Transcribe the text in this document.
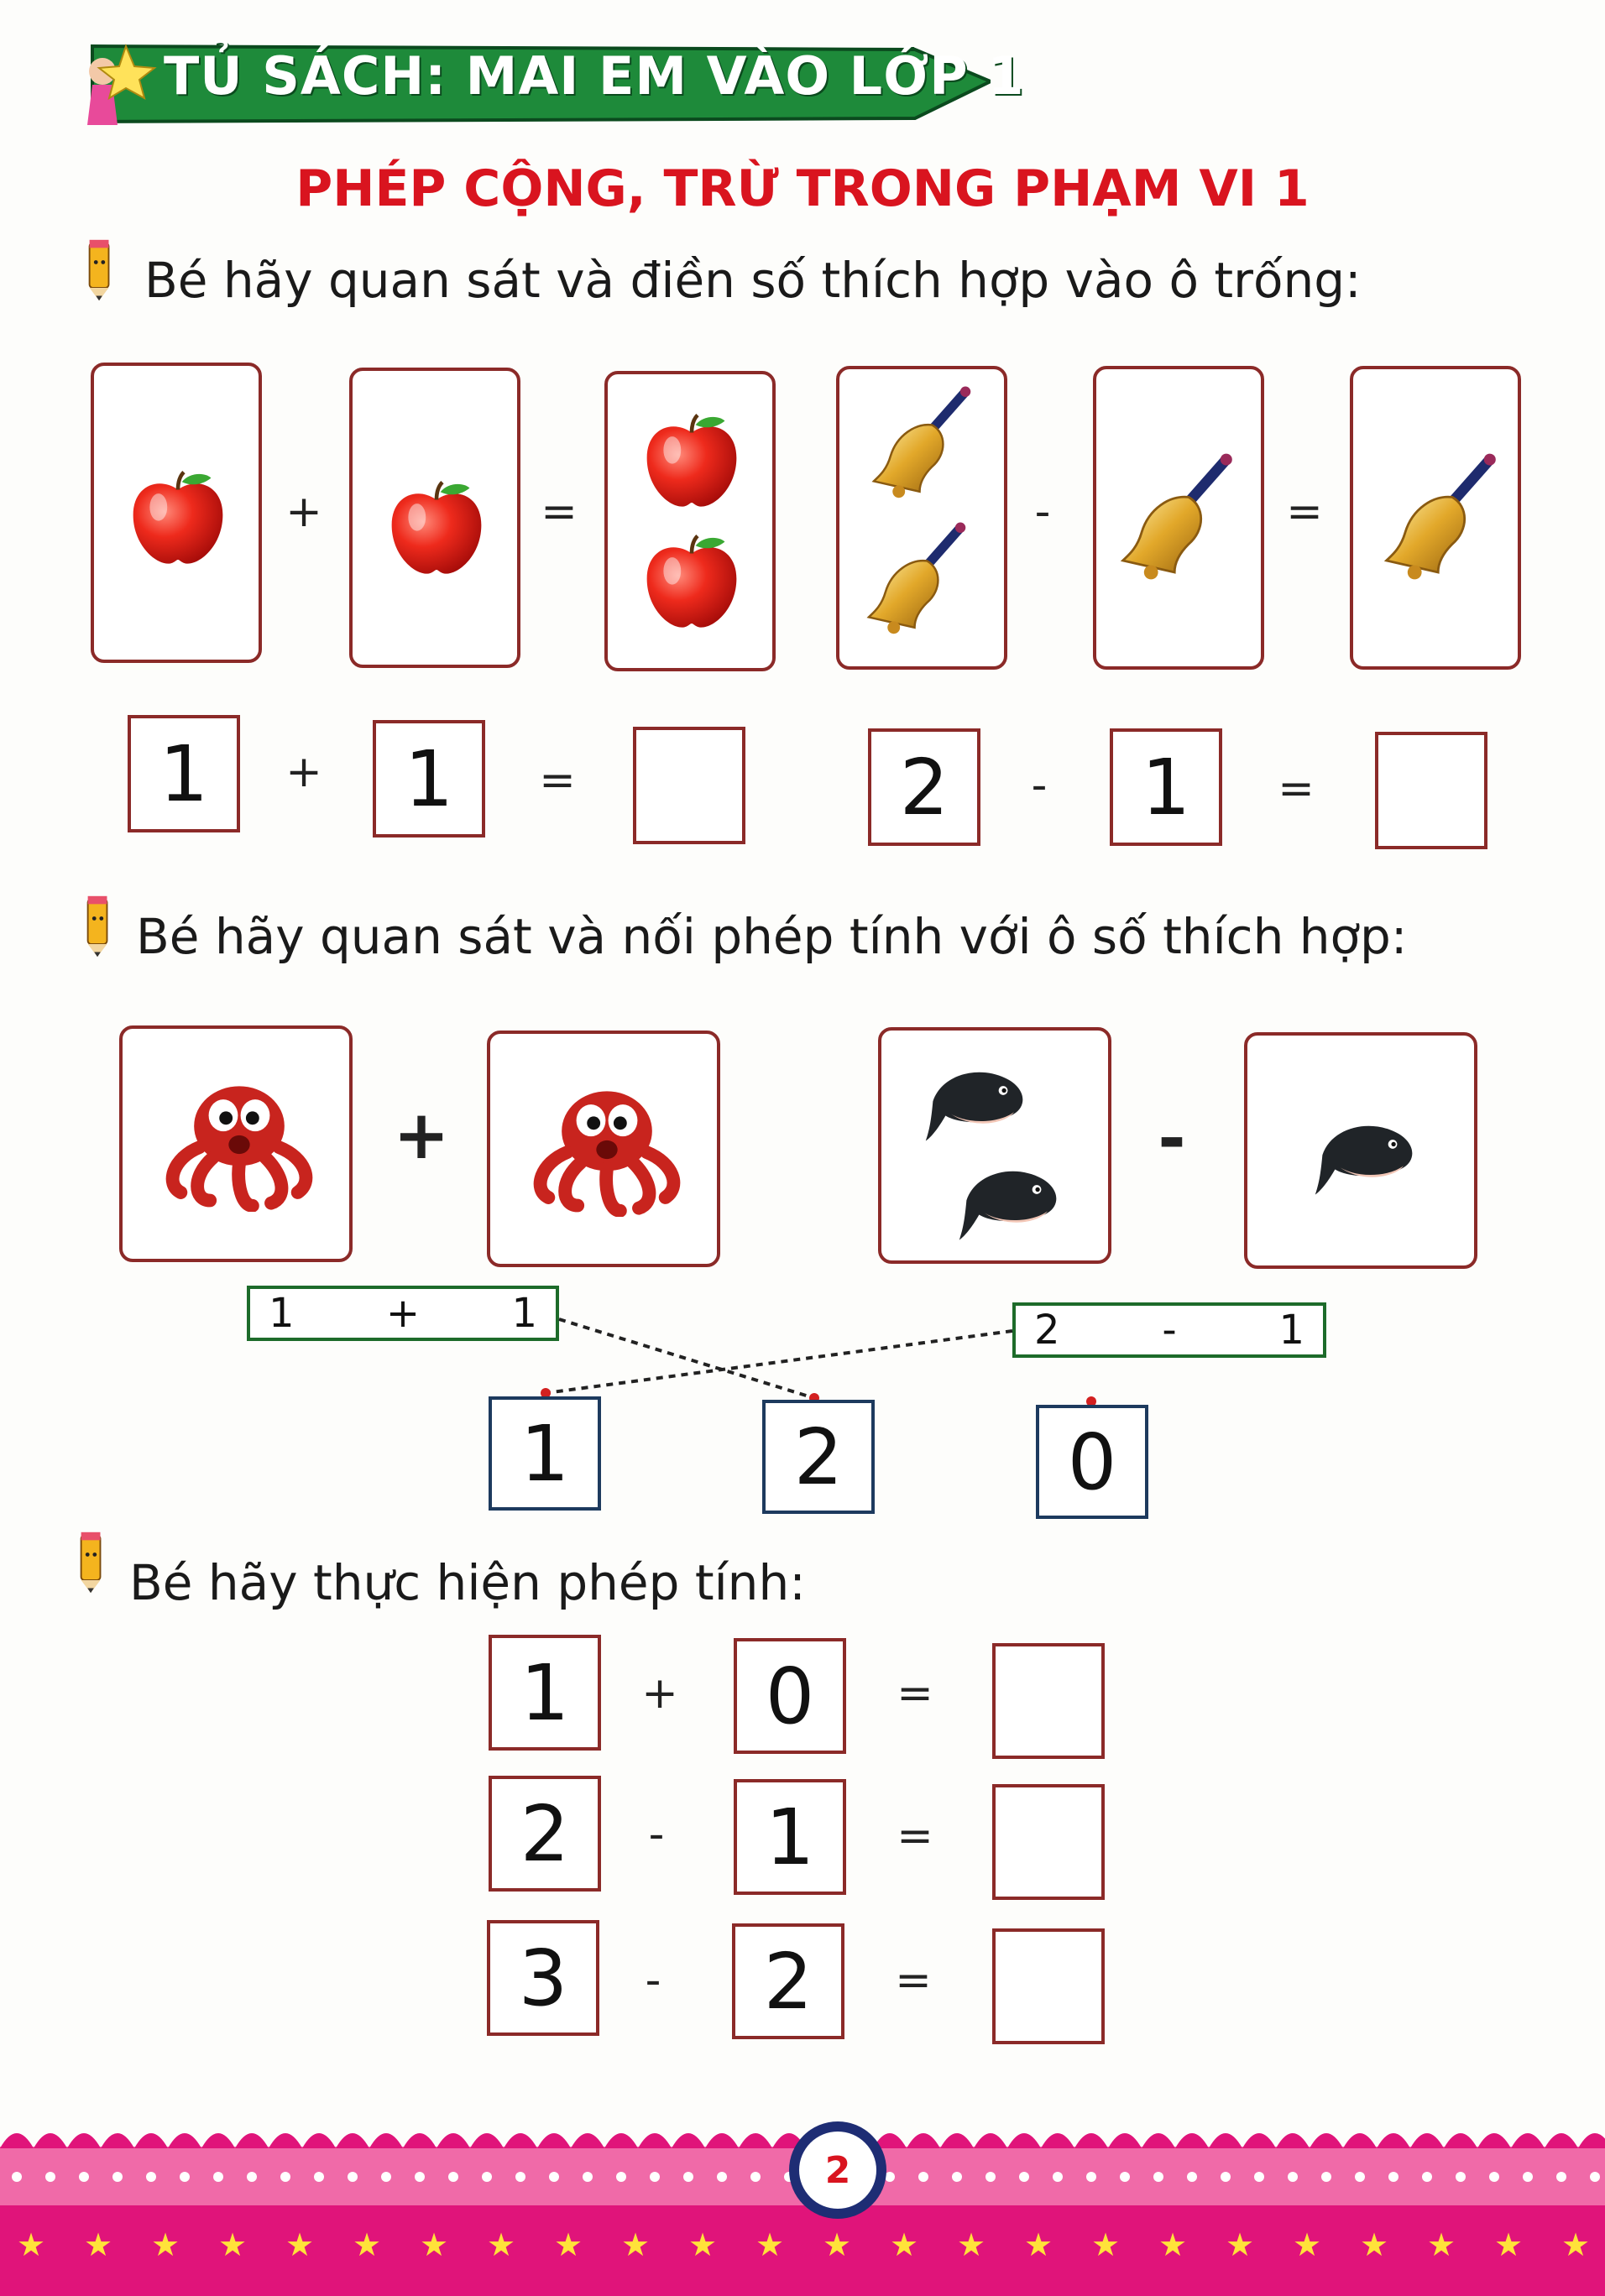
TỦ SÁCH: MAI EM VÀO LỚP 1
PHÉP CỘNG, TRỪ TRONG PHẠM VI 1
Bé hãy quan sát và điền số thích hợp vào ô trống:
+	=	-	=
1	+	1	=	2	-	1	=
Bé hãy quan sát và nối phép tính với ô số thích hợp:
+	-
1 + 1	2	-	1
1	2	0
Bé hãy thực hiện phép tính:
1	+	0	=
2	-	1	=
3	-	2	=
★ ★ ★ ★ ★ ★ ★ ★ ★ ★ ★ ★ ★ ★ ★ ★ ★ ★ ★ ★ ★ ★ ★ ★
2
